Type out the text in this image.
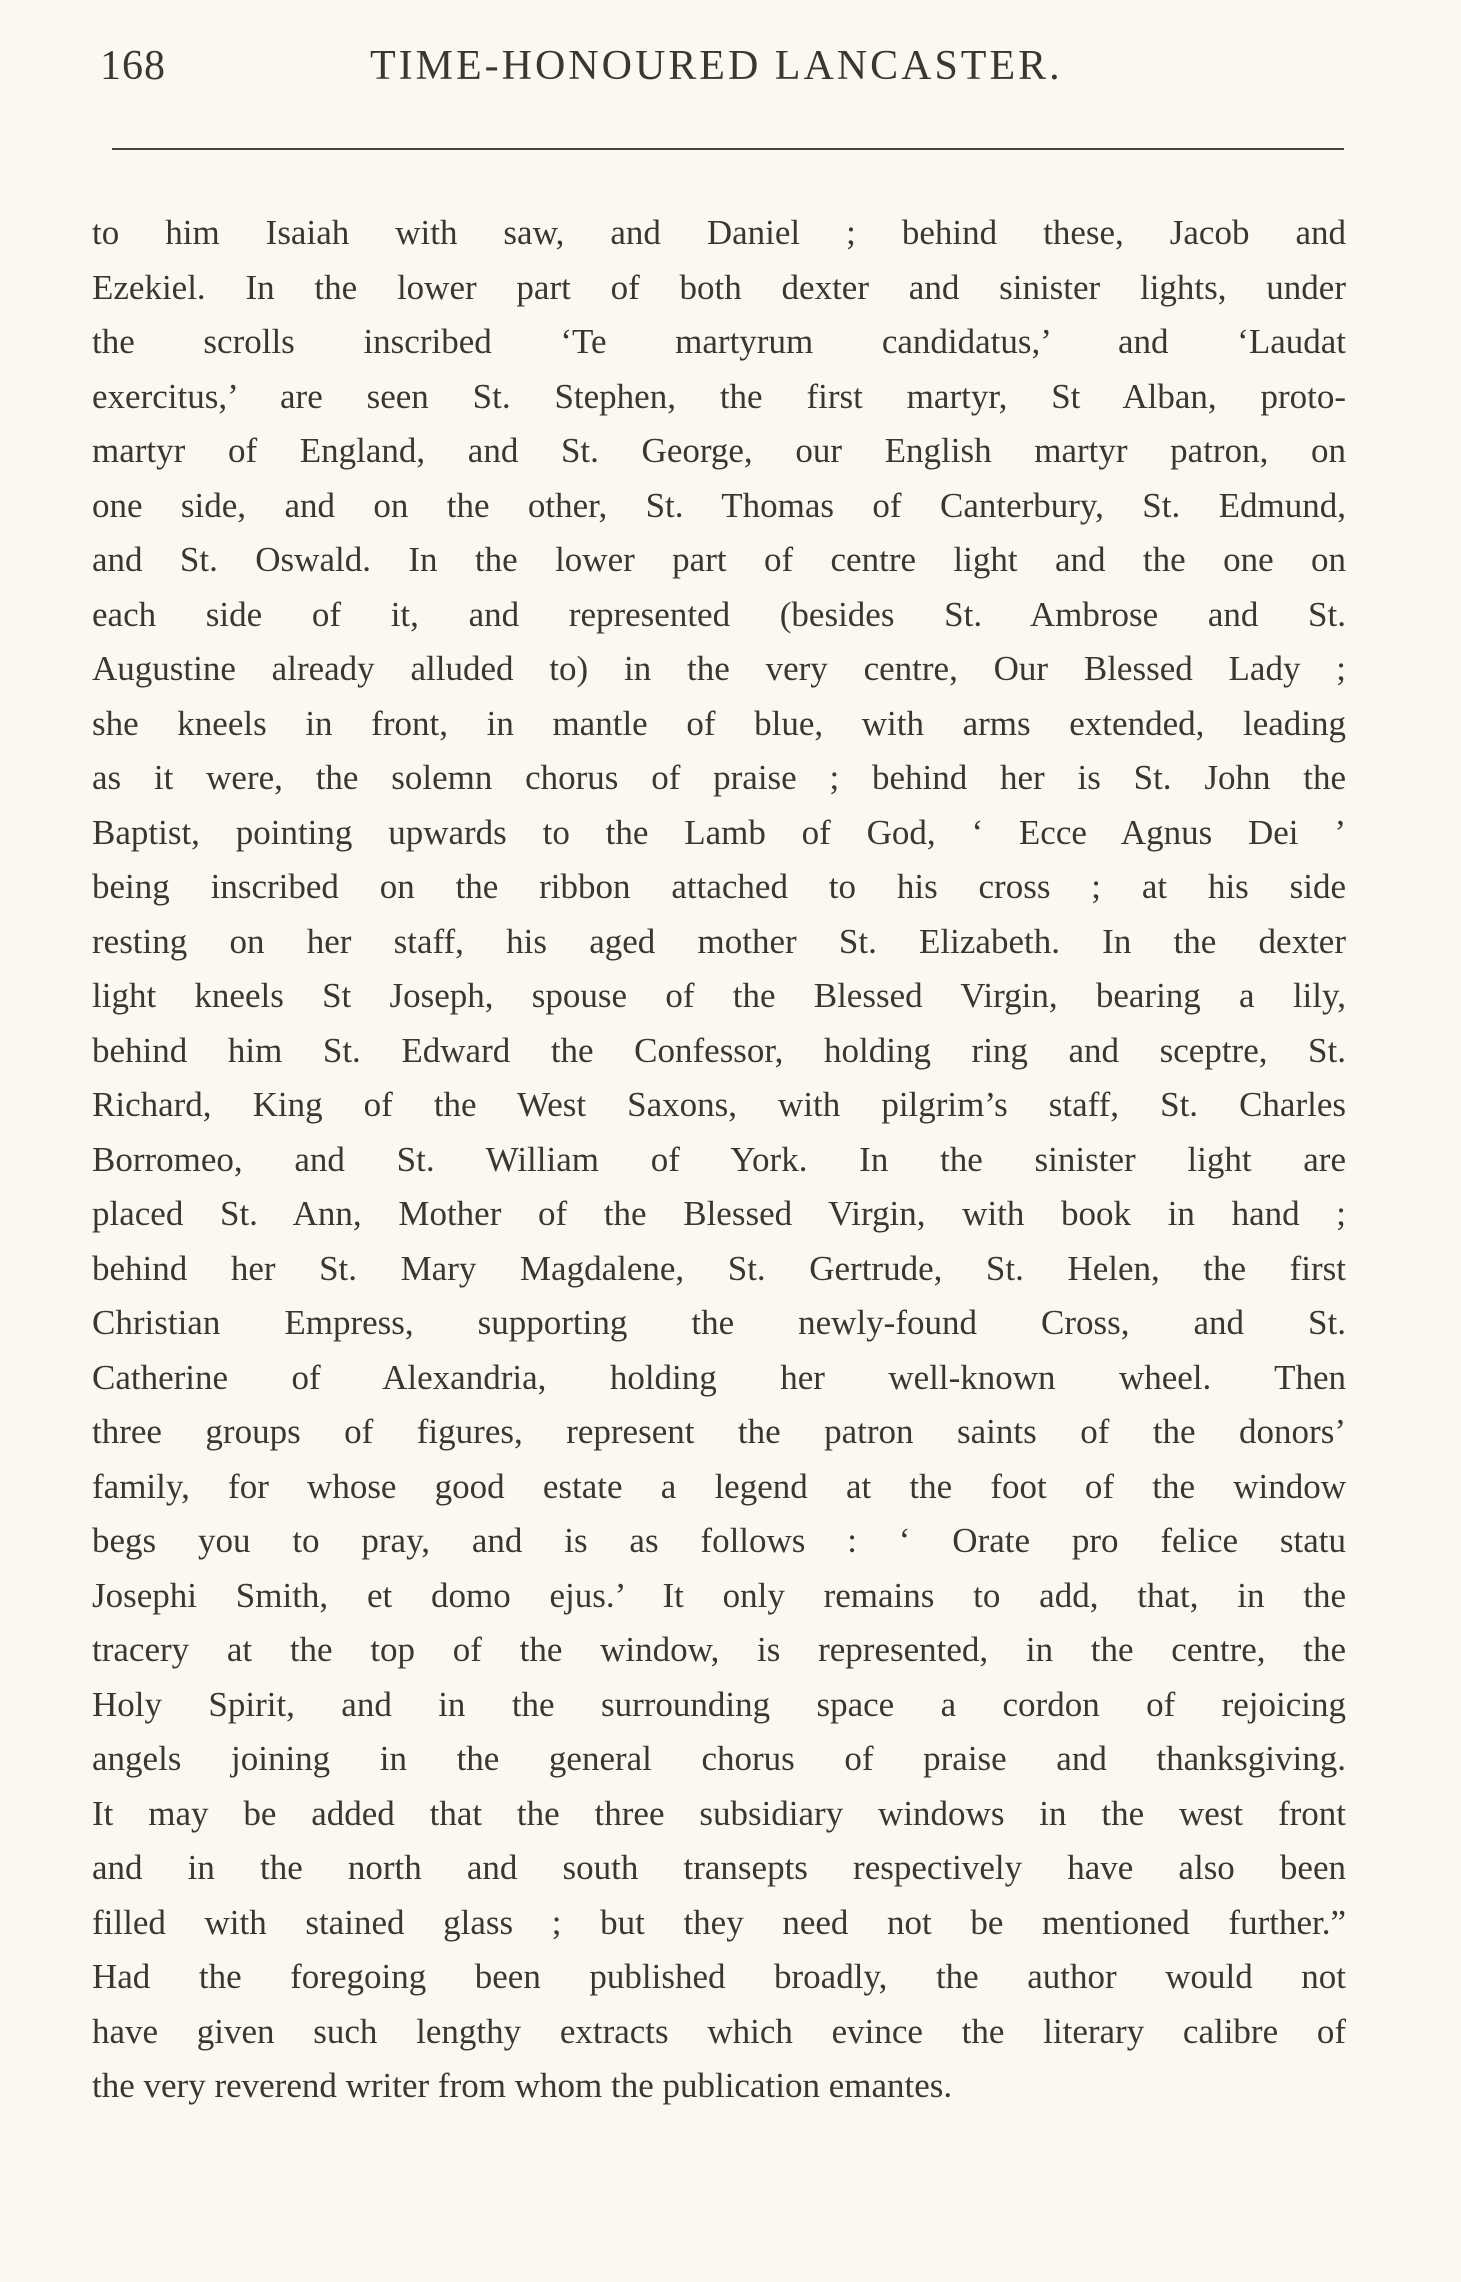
168	TIME-HONOURED LANCASTER.
to him Isaiah with saw, and Daniel ; behind these, Jacob and
Ezekiel. In the lower part of both dexter and sinister lights, under
the scrolls inscribed ‘Te martyrum candidatus,’ and ‘Laudat
exercitus,’ are seen St. Stephen, the first martyr, St Alban, proto-
martyr of England, and St. George, our English martyr patron, on
one side, and on the other, St. Thomas of Canterbury, St. Edmund,
and St. Oswald. In the lower part of centre light and the one on
each side of it, and represented (besides St. Ambrose and St.
Augustine already alluded to) in the very centre, Our Blessed Lady ;
she kneels in front, in mantle of blue, with arms extended, leading
as it were, the solemn chorus of praise ; behind her is St. John the
Baptist, pointing upwards to the Lamb of God, ‘ Ecce Agnus Dei ’
being inscribed on the ribbon attached to his cross ; at his side
resting on her staff, his aged mother St. Elizabeth. In the dexter
light kneels St Joseph, spouse of the Blessed Virgin, bearing a lily,
behind him St. Edward the Confessor, holding ring and sceptre, St.
Richard, King of the West Saxons, with pilgrim’s staff, St. Charles
Borromeo, and St. William of York. In the sinister light are
placed St. Ann, Mother of the Blessed Virgin, with book in hand ;
behind her St. Mary Magdalene, St. Gertrude, St. Helen, the first
Christian Empress, supporting the newly-found Cross, and St.
Catherine of Alexandria, holding her well-known wheel. Then
three groups of figures, represent the patron saints of the donors’
family, for whose good estate a legend at the foot of the window
begs you to pray, and is as follows : ‘ Orate pro felice statu
Josephi Smith, et domo ejus.’ It only remains to add, that, in the
tracery at the top of the window, is represented, in the centre, the
Holy Spirit, and in the surrounding space a cordon of rejoicing
angels joining in the general chorus of praise and thanksgiving.
It may be added that the three subsidiary windows in the west front
and in the north and south transepts respectively have also been
filled with stained glass ; but they need not be mentioned further.”
Had the foregoing been published broadly, the author would not
have given such lengthy extracts which evince the literary calibre of
the very reverend writer from whom the publication emantes.
